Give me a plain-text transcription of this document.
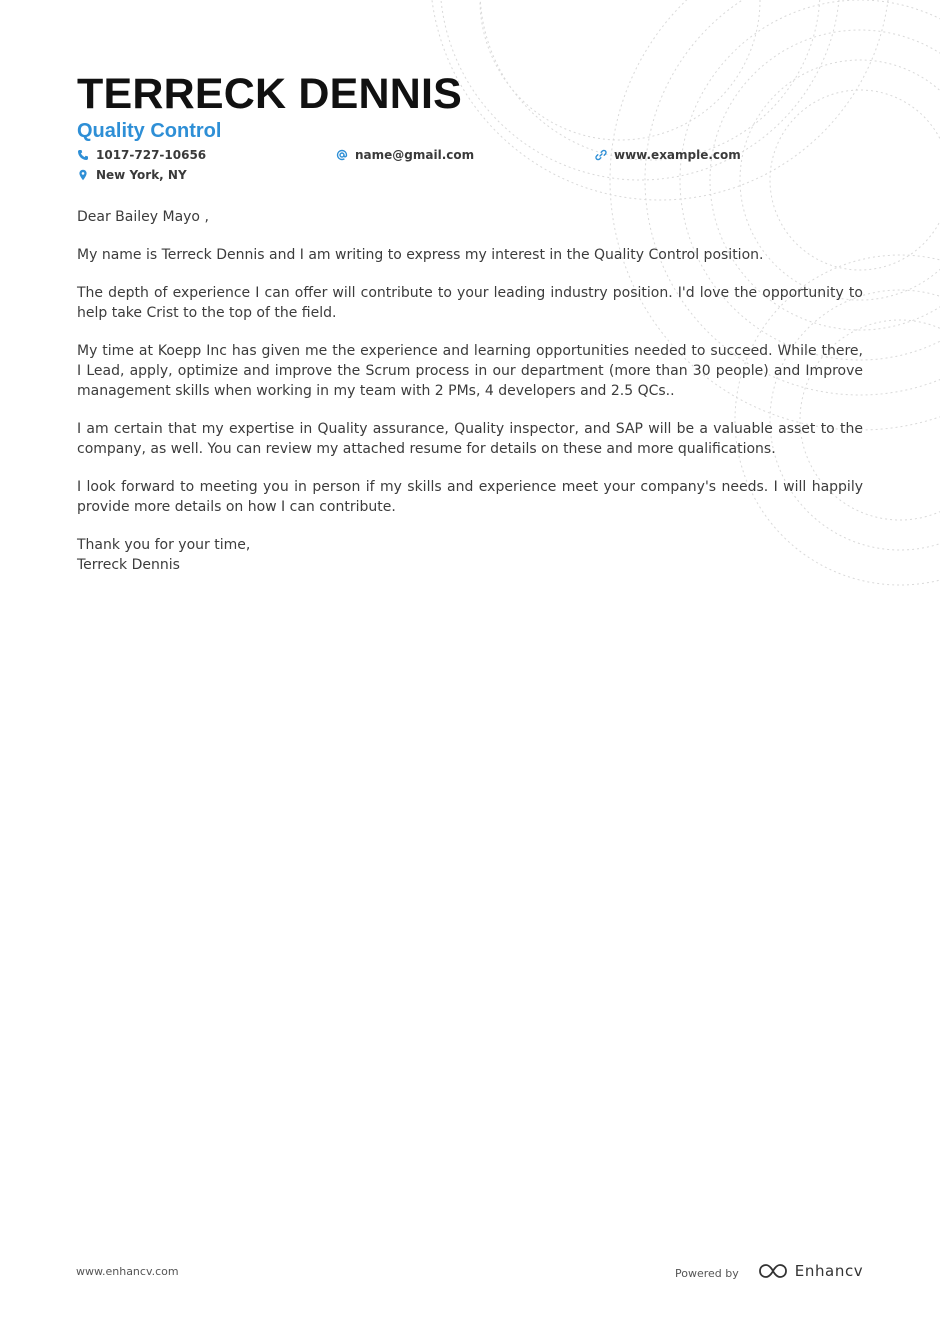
TERRECK DENNIS
Quality Control
1017-727-10656	name@gmail.com	www.example.com
New York, NY

Dear Bailey Mayo ,

My name is Terreck Dennis and I am writing to express my interest in the Quality Control position.

The depth of experience I can offer will contribute to your leading industry position. I'd love the opportunity to help take Crist to the top of the field.

My time at Koepp Inc has given me the experience and learning opportunities needed to succeed. While there, I Lead, apply, optimize and improve the Scrum process in our department (more than 30 people) and Improve management skills when working in my team with 2 PMs, 4 developers and 2.5 QCs..

I am certain that my expertise in Quality assurance, Quality inspector, and SAP will be a valuable asset to the company, as well. You can review my attached resume for details on these and more qualifications.

I look forward to meeting you in person if my skills and experience meet your company's needs. I will happily provide more details on how I can contribute.

Thank you for your time,

Terreck Dennis

www.enhancv.com	Powered by	Enhancv
